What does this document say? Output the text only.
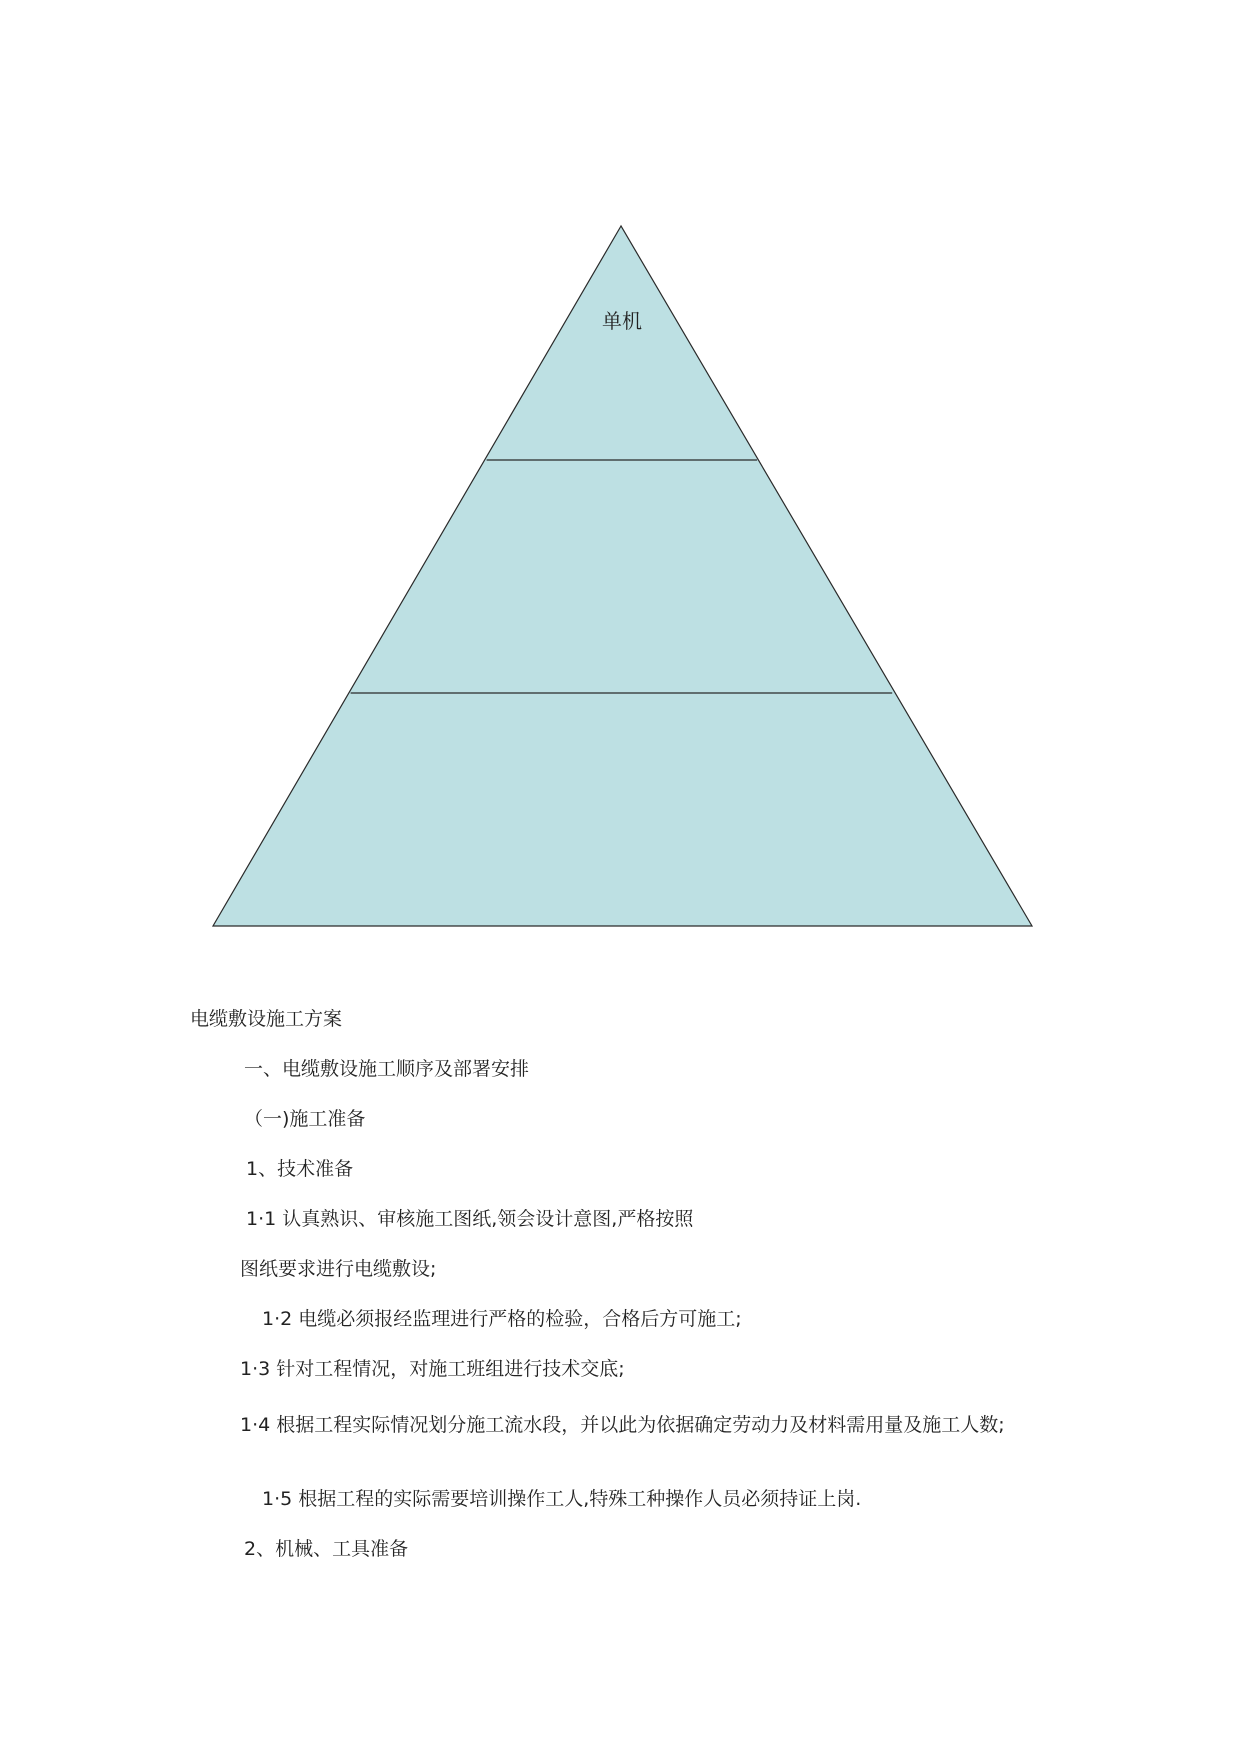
单机
电缆敷设施工方案
一、电缆敷设施工顺序及部署安排
（一)施工准备
1、技术准备
1·1 认真熟识、审核施工图纸,领会设计意图,严格按照
图纸要求进行电缆敷设;
1·2 电缆必须报经监理进行严格的检验，合格后方可施工;
1·3 针对工程情况，对施工班组进行技术交底;
1·4 根据工程实际情况划分施工流水段，并以此为依据确定劳动力及材料需用量及施工人数;
1·5 根据工程的实际需要培训操作工人,特殊工种操作人员必须持证上岗.
2、机械、工具准备
